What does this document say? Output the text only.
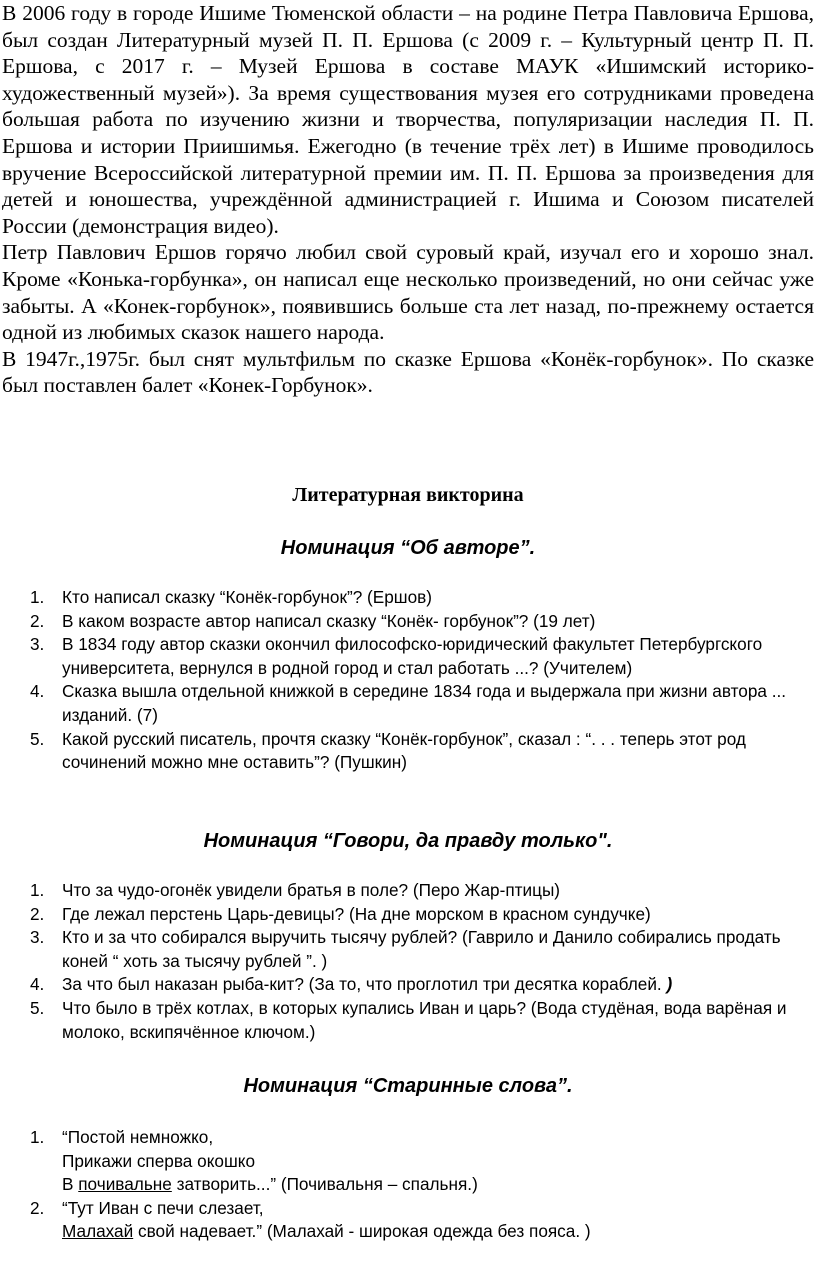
В 2006 году в городе Ишиме Тюменской области – на родине Петра Павловича Ершова, был создан Литературный музей П. П. Ершова (с 2009 г. – Культурный центр П. П. Ершова, с 2017 г. – Музей Ершова в составе МАУК «Ишимский историко-художественный музей»). За время существования музея его сотрудниками проведена большая работа по изучению жизни и творчества, популяризации наследия П. П. Ершова и истории Приишимья. Ежегодно (в течение трёх лет) в Ишиме проводилось вручение Всероссийской литературной премии им. П. П. Ершова за произведения для детей и юношества, учреждённой администрацией г. Ишима и Союзом писателей России (демонстрация видео).

Петр Павлович Ершов горячо любил свой суровый край, изучал его и хорошо знал. Кроме «Конька-горбунка», он написал еще несколько произведений, но они сейчас уже забыты. А «Конек-горбунок», появившись больше ста лет назад, по-прежнему остается одной из любимых сказок нашего народа.

В 1947г.,1975г. был снят мультфильм по сказке Ершова «Конёк-горбунок». По сказке был поставлен балет «Конек-Горбунок».

Литературная викторина
Номинация “Об авторе”.
1. Кто написал сказку “Конёк-горбунок”? (Ершов)
2. В каком возрасте автор написал сказку “Конёк- горбунок”? (19 лет)
3. В 1834 году автор сказки окончил философско-юридический факультет Петербургского университета, вернулся в родной город и стал работать ...? (Учителем)
4. Сказка вышла отдельной книжкой в середине 1834 года и выдержала при жизни автора ... изданий. (7)
5. Какой русский писатель, прочтя сказку “Конёк-горбунок”, сказал : “. . . теперь этот род сочинений можно мне оставить”? (Пушкин)
Номинация “Говори, да правду только".
1. Что за чудо-огонёк увидели братья в поле? (Перо Жар-птицы)
2. Где лежал перстень Царь-девицы? (На дне морском в красном сундучке)
3. Кто и за что собирался выручить тысячу рублей? (Гаврило и Данило собирались продать коней “ хоть за тысячу рублей ”. )
4. За что был наказан рыба-кит? (За то, что проглотил три десятка кораблей. )
5. Что было в трёх котлах, в которых купались Иван и царь? (Вода студёная, вода варёная и молоко, вскипячённое ключом.)
Номинация “Старинные слова”.
1. “Постой немножко,
Прикажи сперва окошко
В почивальне затворить...” (Почивальня – спальня.)
2. “Тут Иван с печи слезает,
Малахай свой надевает.” (Малахай - широкая одежда без пояса. )
